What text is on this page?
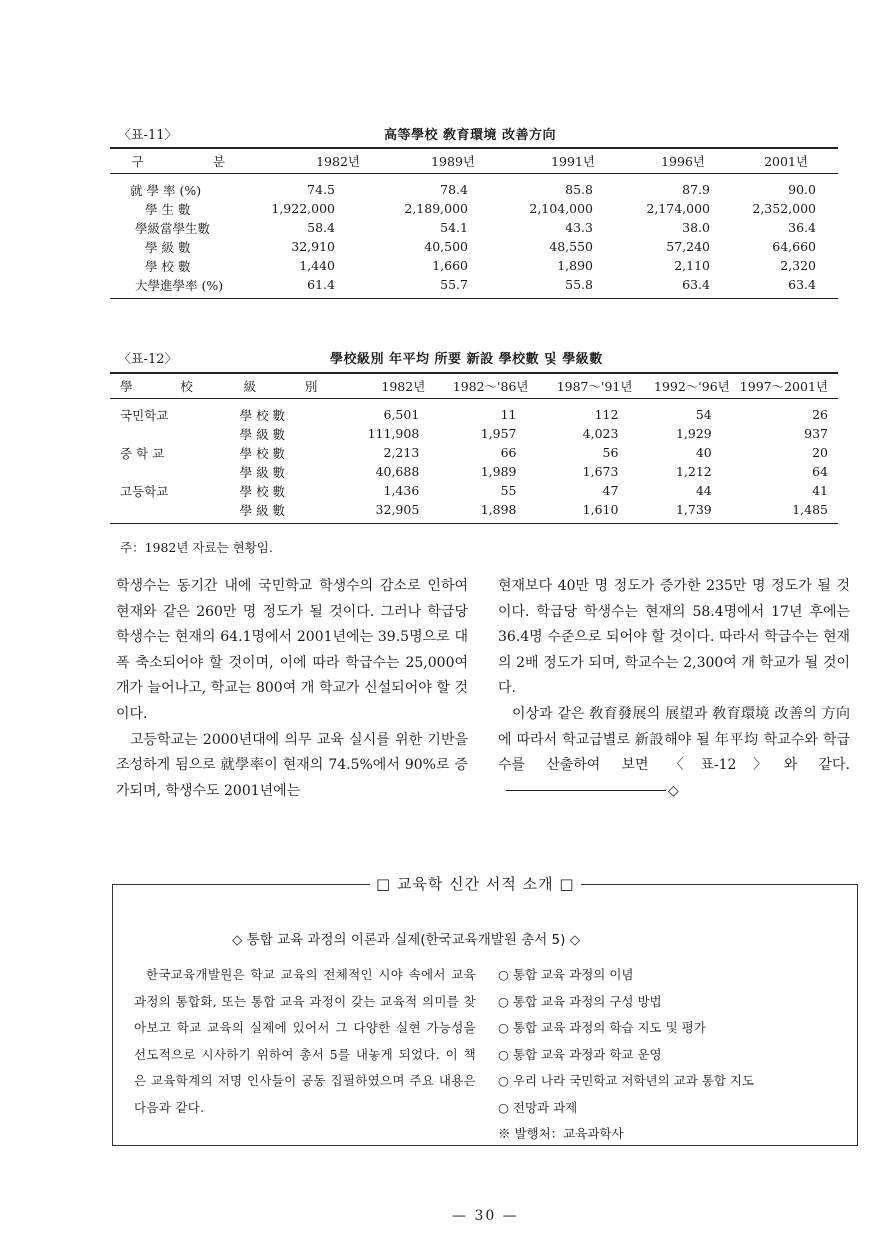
〈표-11〉	高等學校 敎育環境 改善方向
구	분	1982년	1989년	1991년	1996년	2001년
就 學 率 (%)		74.5	78.4	85.8	87.9	90.0
學 生 數		1,922,000	2,189,000	2,104,000	2,174,000	2,352,000
學級當學生數		58.4	54.1	43.3	38.0	36.4
學 級 數		32,910	40,500	48,550	57,240	64,660
學 校 數		1,440	1,660	1,890	2,110	2,320
大學進學率 (%)		61.4	55.7	55.8	63.4	63.4
〈표-12〉	學校級別 年平均 所要 新設 學校數 및 學級數
學	校	級	別	1982년	1982～'86년	1987～'91년	1992～'96년	1997～2001년
국민학교		學 校 數		6,501	11	112	54	26
		學 級 數		111,908	1,957	4,023	1,929	937
중 학 교		學 校 數		2,213	66	56	40	20
		學 級 數		40,688	1,989	1,673	1,212	64
고등학교		學 校 數		1,436	55	47	44	41
		學 級 數		32,905	1,898	1,610	1,739	1,485
주：1982년 자료는 현황임.

학생수는 동기간 내에 국민학교 학생수의 감소로 인하여 현재와 같은 260만 명 정도가 될 것이다. 그러나 학급당 학생수는 현재의 64.1명에서 2001년에는 39.5명으로 대폭 축소되어야 할 것이며, 이에 따라 학급수는 25,000여 개가 늘어나고, 학교는 800여 개 학교가 신설되어야 할 것이다.

고등학교는 2000년대에 의무 교육 실시를 위한 기반을 조성하게 됨으로 就學率이 현재의 74.5%에서 90%로 증가되며, 학생수도 2001년에는

현재보다 40만 명 정도가 증가한 235만 명 정도가 될 것이다. 학급당 학생수는 현재의 58.4명에서 17년 후에는 36.4명 수준으로 되어야 할 것이다. 따라서 학급수는 현재의 2배 정도가 되며, 학교수는 2,300여 개 학교가 될 것이다.

이상과 같은 敎育發展의 展望과 敎育環境 改善의 方向에 따라서 학교급별로 新設해야 될 年平均 학교수와 학급수를 산출하여 보면 〈표-12〉와 같다.◇

□ 교육학 신간 서적 소개 □
◇ 통합 교육 과정의 이론과 실제(한국교육개발원 총서 5) ◇
한국교육개발원은 학교 교육의 전체적인 시야 속에서 교육 과정의 통합화, 또는 통합 교육 과정이 갖는 교육적 의미를 찾아보고 학교 교육의 실제에 있어서 그 다양한 실현 가능성을 선도적으로 시사하기 위하여 총서 5를 내놓게 되었다. 이 책은 교육학계의 저명 인사들이 공동 집필하였으며 주요 내용은 다음과 같다.
○ 통합 교육 과정의 이념
○ 통합 교육 과정의 구성 방법
○ 통합 교육 과정의 학습 지도 및 평가
○ 통합 교육 과정과 학교 운영
○ 우리 나라 국민학교 저학년의 교과 통합 지도
○ 전망과 과제
※ 발행처：교육과학사
— 30 —
